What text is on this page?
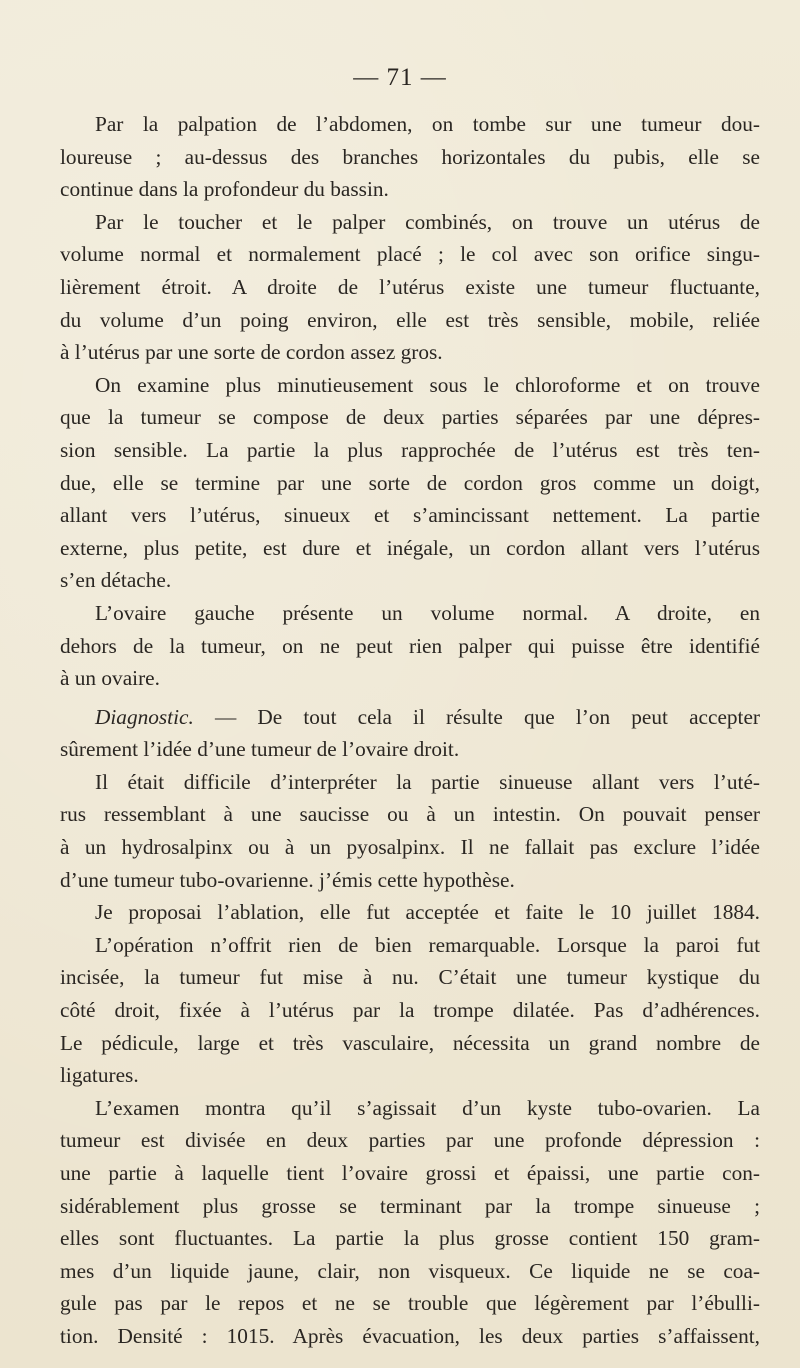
— 71 —
Par la palpation de l’abdomen, on tombe sur une tumeur dou-
loureuse ; au-dessus des branches horizontales du pubis, elle se
continue dans la profondeur du bassin.
Par le toucher et le palper combinés, on trouve un utérus de
volume normal et normalement placé ; le col avec son orifice singu-
lièrement étroit. A droite de l’utérus existe une tumeur fluctuante,
du volume d’un poing environ, elle est très sensible, mobile, reliée
à l’utérus par une sorte de cordon assez gros.
On examine plus minutieusement sous le chloroforme et on trouve
que la tumeur se compose de deux parties séparées par une dépres-
sion sensible. La partie la plus rapprochée de l’utérus est très ten-
due, elle se termine par une sorte de cordon gros comme un doigt,
allant vers l’utérus, sinueux et s’amincissant nettement. La partie
externe, plus petite, est dure et inégale, un cordon allant vers l’utérus
s’en détache.
L’ovaire gauche présente un volume normal. A droite, en
dehors de la tumeur, on ne peut rien palper qui puisse être identifié
à un ovaire.
Diagnostic. — De tout cela il résulte que l’on peut accepter
sûrement l’idée d’une tumeur de l’ovaire droit.
Il était difficile d’interpréter la partie sinueuse allant vers l’uté-
rus ressemblant à une saucisse ou à un intestin. On pouvait penser
à un hydrosalpinx ou à un pyosalpinx. Il ne fallait pas exclure l’idée
d’une tumeur tubo-ovarienne. j’émis cette hypothèse.
Je proposai l’ablation, elle fut acceptée et faite le 10 juillet 1884.
L’opération n’offrit rien de bien remarquable. Lorsque la paroi fut
incisée, la tumeur fut mise à nu. C’était une tumeur kystique du
côté droit, fixée à l’utérus par la trompe dilatée. Pas d’adhérences.
Le pédicule, large et très vasculaire, nécessita un grand nombre de
ligatures.
L’examen montra qu’il s’agissait d’un kyste tubo-ovarien. La
tumeur est divisée en deux parties par une profonde dépression :
une partie à laquelle tient l’ovaire grossi et épaissi, une partie con-
sidérablement plus grosse se terminant par la trompe sinueuse ;
elles sont fluctuantes. La partie la plus grosse contient 150 gram-
mes d’un liquide jaune, clair, non visqueux. Ce liquide ne se coa-
gule pas par le repos et ne se trouble que légèrement par l’ébulli-
tion. Densité : 1015. Après évacuation, les deux parties s’affaissent,
